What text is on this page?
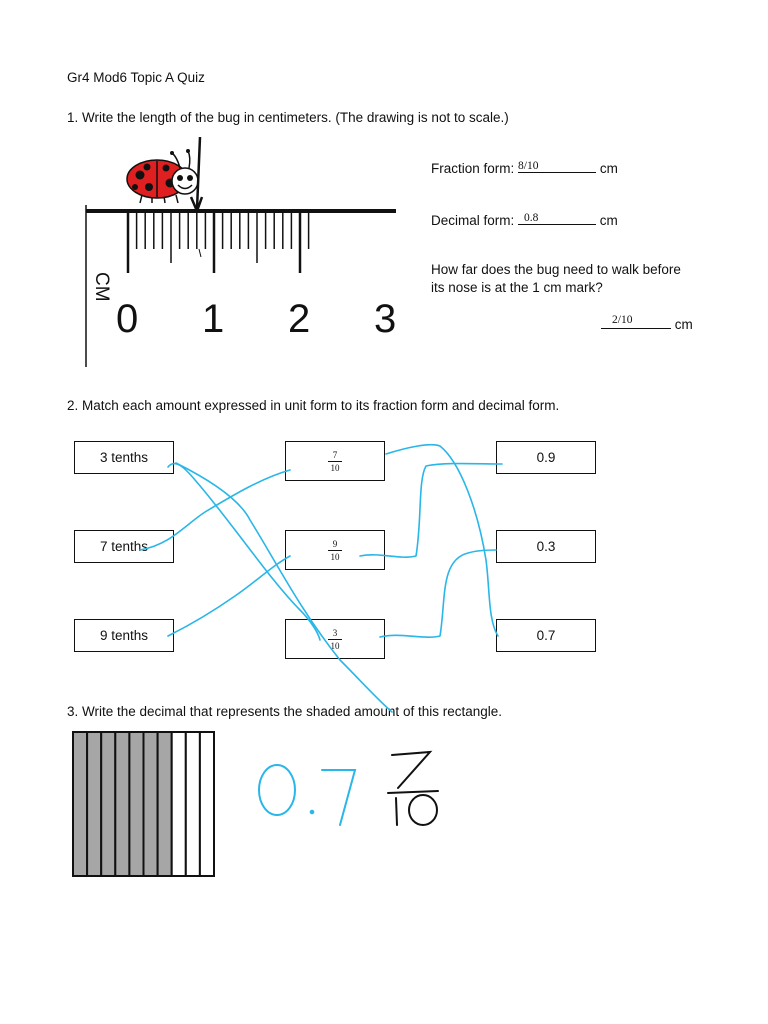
Gr4 Mod6 Topic A Quiz
1. Write the length of the bug in centimeters. (The drawing is not to scale.)
CM
0 1 2 3
Fraction form: 8/10	cm
Decimal form: 0.8	cm
How far does the bug need to walk before
its nose is at the 1 cm mark?
2/10	cm
2. Match each amount expressed in unit form to its fraction form and decimal form.
3 tenths
7 tenths
9 tenths
$\frac{7}{10}$
$\frac{9}{10}$
$\frac{3}{10}$
0.9
0.3
0.7
3. Write the decimal that represents the shaded amount of this rectangle.
